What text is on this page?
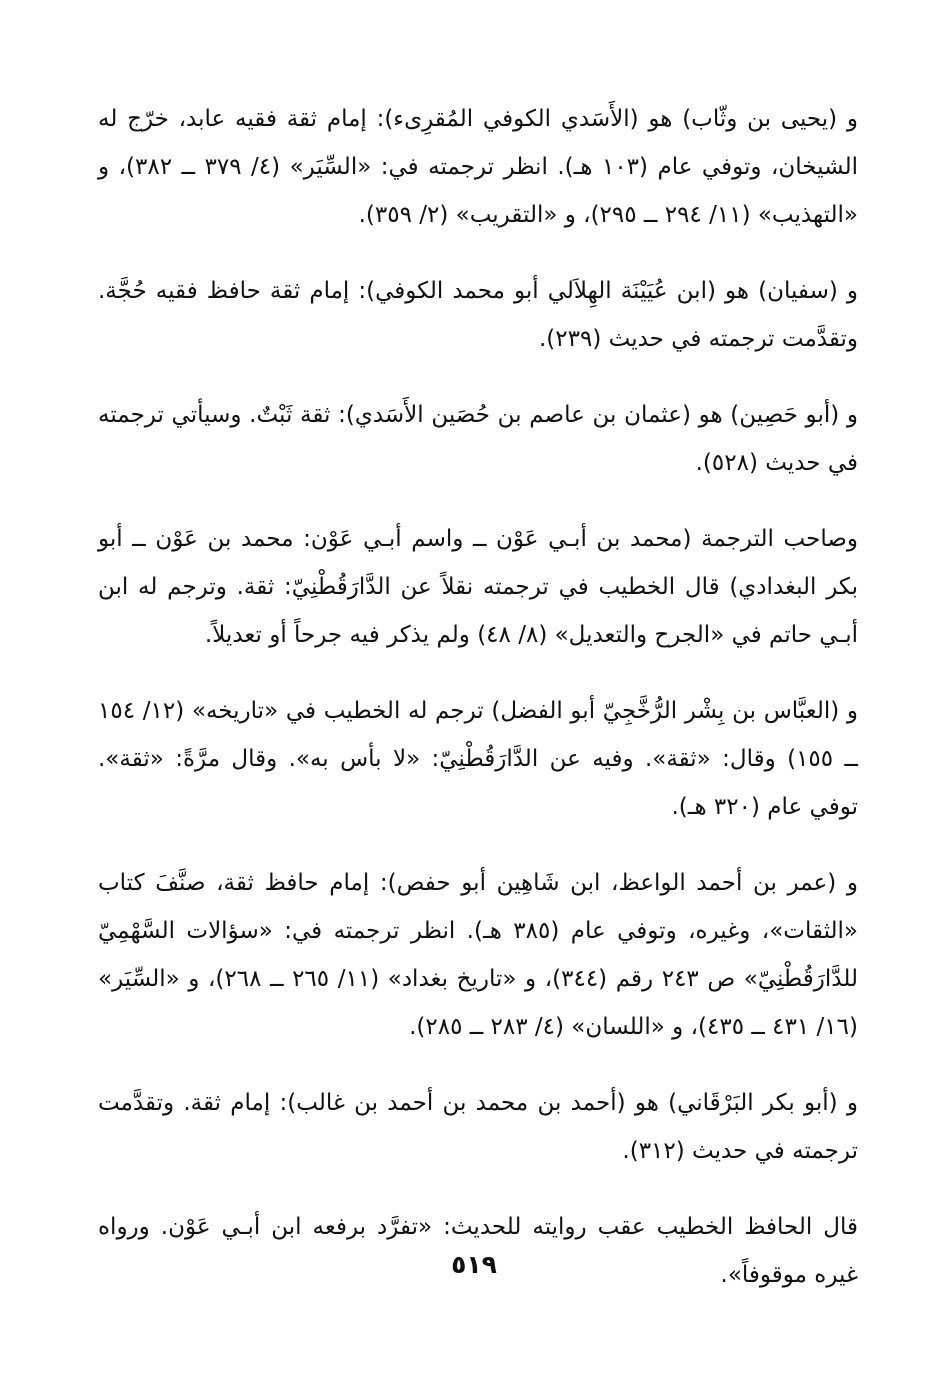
و (يحيى بن وثّاب) هو (الأَسَدي الكوفي المُقرِىء): إمام ثقة فقيه عابد، خرّج له الشيخان، وتوفي عام (١٠٣ هـ). انظر ترجمته في: «السِّيَر» (٤/ ٣٧٩ ــ ٣٨٢)، و «التهذيب» (١١/ ٢٩٤ ــ ٢٩٥)، و «التقريب» (٢/ ٣٥٩).

و (سفيان) هو (ابن عُيَيْنَة الهِلاَلي أبو محمد الكوفي): إمام ثقة حافظ فقيه حُجَّة. وتقدَّمت ترجمته في حديث (٢٣٩).

و (أبو حَصِين) هو (عثمان بن عاصم بن حُصَين الأَسَدي): ثقة ثَبْتٌ. وسيأتي ترجمته في حديث (٥٢٨).

وصاحب الترجمة (محمد بن أبـي عَوْن ــ واسم أبـي عَوْن: محمد بن عَوْن ــ أبو بكر البغدادي) قال الخطيب في ترجمته نقلاً عن الدَّارَقُطْنِيّ: ثقة. وترجم له ابن أبـي حاتم في «الجرح والتعديل» (٨/ ٤٨) ولم يذكر فيه جرحاً أو تعديلاً.

و (العبَّاس بن بِشْر الرُّخَّجِيّ أبو الفضل) ترجم له الخطيب في «تاريخه» (١٢/ ١٥٤ ــ ١٥٥) وقال: «ثقة». وفيه عن الدَّارَقُطْنِيّ: «لا بأس به». وقال مرَّةً: «ثقة». توفي عام (٣٢٠ هـ).

و (عمر بن أحمد الواعظ، ابن شَاهِين أبو حفص): إمام حافظ ثقة، صنَّفَ كتاب «الثقات»، وغيره، وتوفي عام (٣٨٥ هـ). انظر ترجمته في: «سؤالات السَّهْمِيّ للدَّارَقُطْنِيّ» ص ٢٤٣ رقم (٣٤٤)، و «تاريخ بغداد» (١١/ ٢٦٥ ــ ٢٦٨)، و «السِّيَر» (١٦/ ٤٣١ ــ ٤٣٥)، و «اللسان» (٤/ ٢٨٣ ــ ٢٨٥).

و (أبو بكر البَرْقَاني) هو (أحمد بن محمد بن أحمد بن غالب): إمام ثقة. وتقدَّمت ترجمته في حديث (٣١٢).

قال الحافظ الخطيب عقب روايته للحديث: «تفرَّد برفعه ابن أبـي عَوْن. ورواه غيره موقوفاً».

٥١٩
